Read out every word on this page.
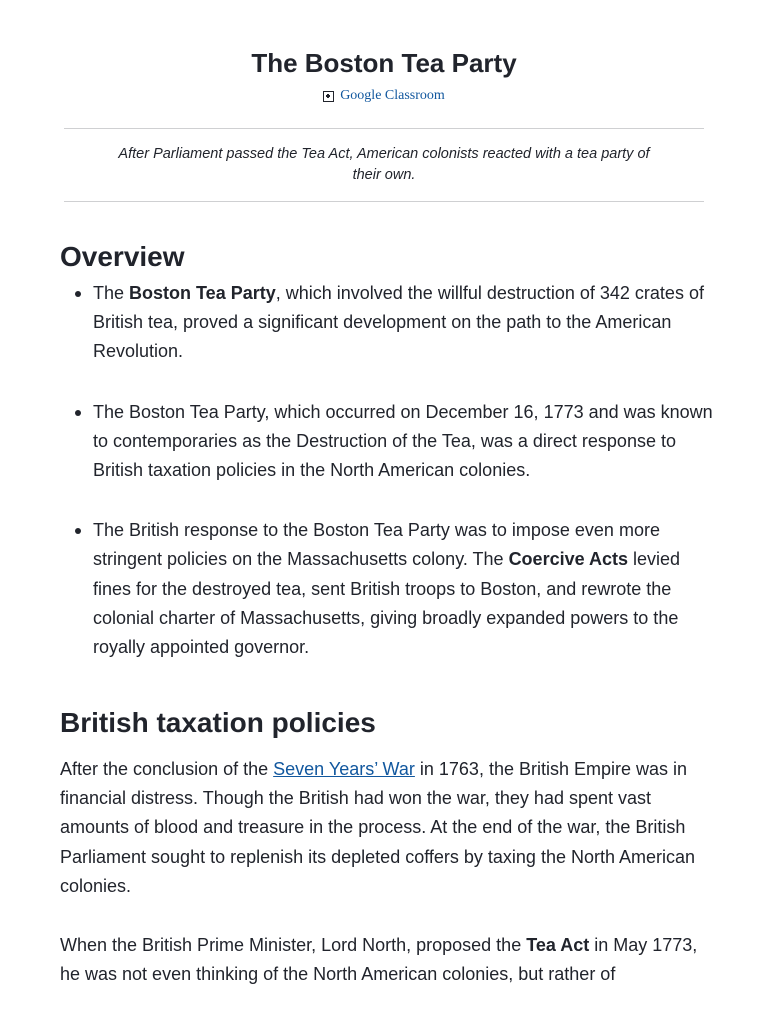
The Boston Tea Party
Google Classroom

After Parliament passed the Tea Act, American colonists reacted with a tea party of their own.

Overview
The Boston Tea Party, which involved the willful destruction of 342 crates of British tea, proved a significant development on the path to the American Revolution.
The Boston Tea Party, which occurred on December 16, 1773 and was known to contemporaries as the Destruction of the Tea, was a direct response to British taxation policies in the North American colonies.
The British response to the Boston Tea Party was to impose even more stringent policies on the Massachusetts colony. The Coercive Acts levied fines for the destroyed tea, sent British troops to Boston, and rewrote the colonial charter of Massachusetts, giving broadly expanded powers to the royally appointed governor.
British taxation policies

After the conclusion of the Seven Years’ War in 1763, the British Empire was in financial distress. Though the British had won the war, they had spent vast amounts of blood and treasure in the process. At the end of the war, the British Parliament sought to replenish its depleted coffers by taxing the North American colonies.

When the British Prime Minister, Lord North, proposed the Tea Act in May 1773, he was not even thinking of the North American colonies, but rather of
